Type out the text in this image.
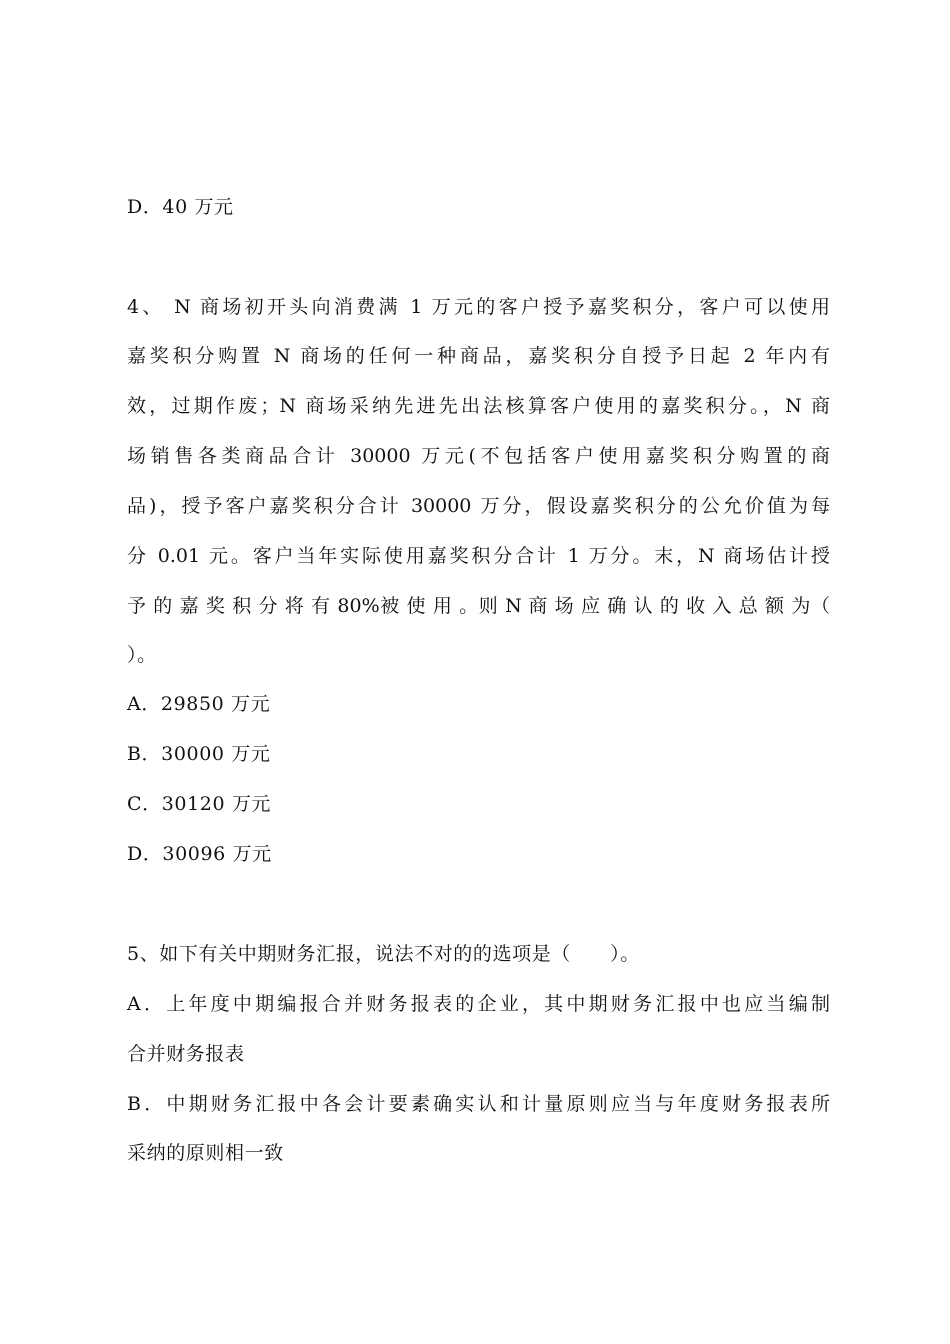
D．40 万元
4、 N 商场初开头向消费满 1 万元的客户授予嘉奖积分，客户可以使用
嘉奖积分购置 N 商场的任何一种商品，嘉奖积分自授予日起 2 年内有
效，过期作废；N 商场采纳先进先出法核算客户使用的嘉奖积分。，N 商
场销售各类商品合计 30000 万元(不包括客户使用嘉奖积分购置的商
品)，授予客户嘉奖积分合计 30000 万分，假设嘉奖积分的公允价值为每
分 0.01 元。客户当年实际使用嘉奖积分合计 1 万分。末，N 商场估计授
予 的 嘉 奖 积 分 将 有 80%被 使 用 。则 N 商 场 应 确 认 的 收 入 总 额 为（
）。
A．29850 万元
B．30000 万元
C．30120 万元
D．30096 万元
5、如下有关中期财务汇报，说法不对的的选项是（　　）。
A．上年度中期编报合并财务报表的企业，其中期财务汇报中也应当编制
合并财务报表
B．中期财务汇报中各会计要素确实认和计量原则应当与年度财务报表所
采纳的原则相一致
